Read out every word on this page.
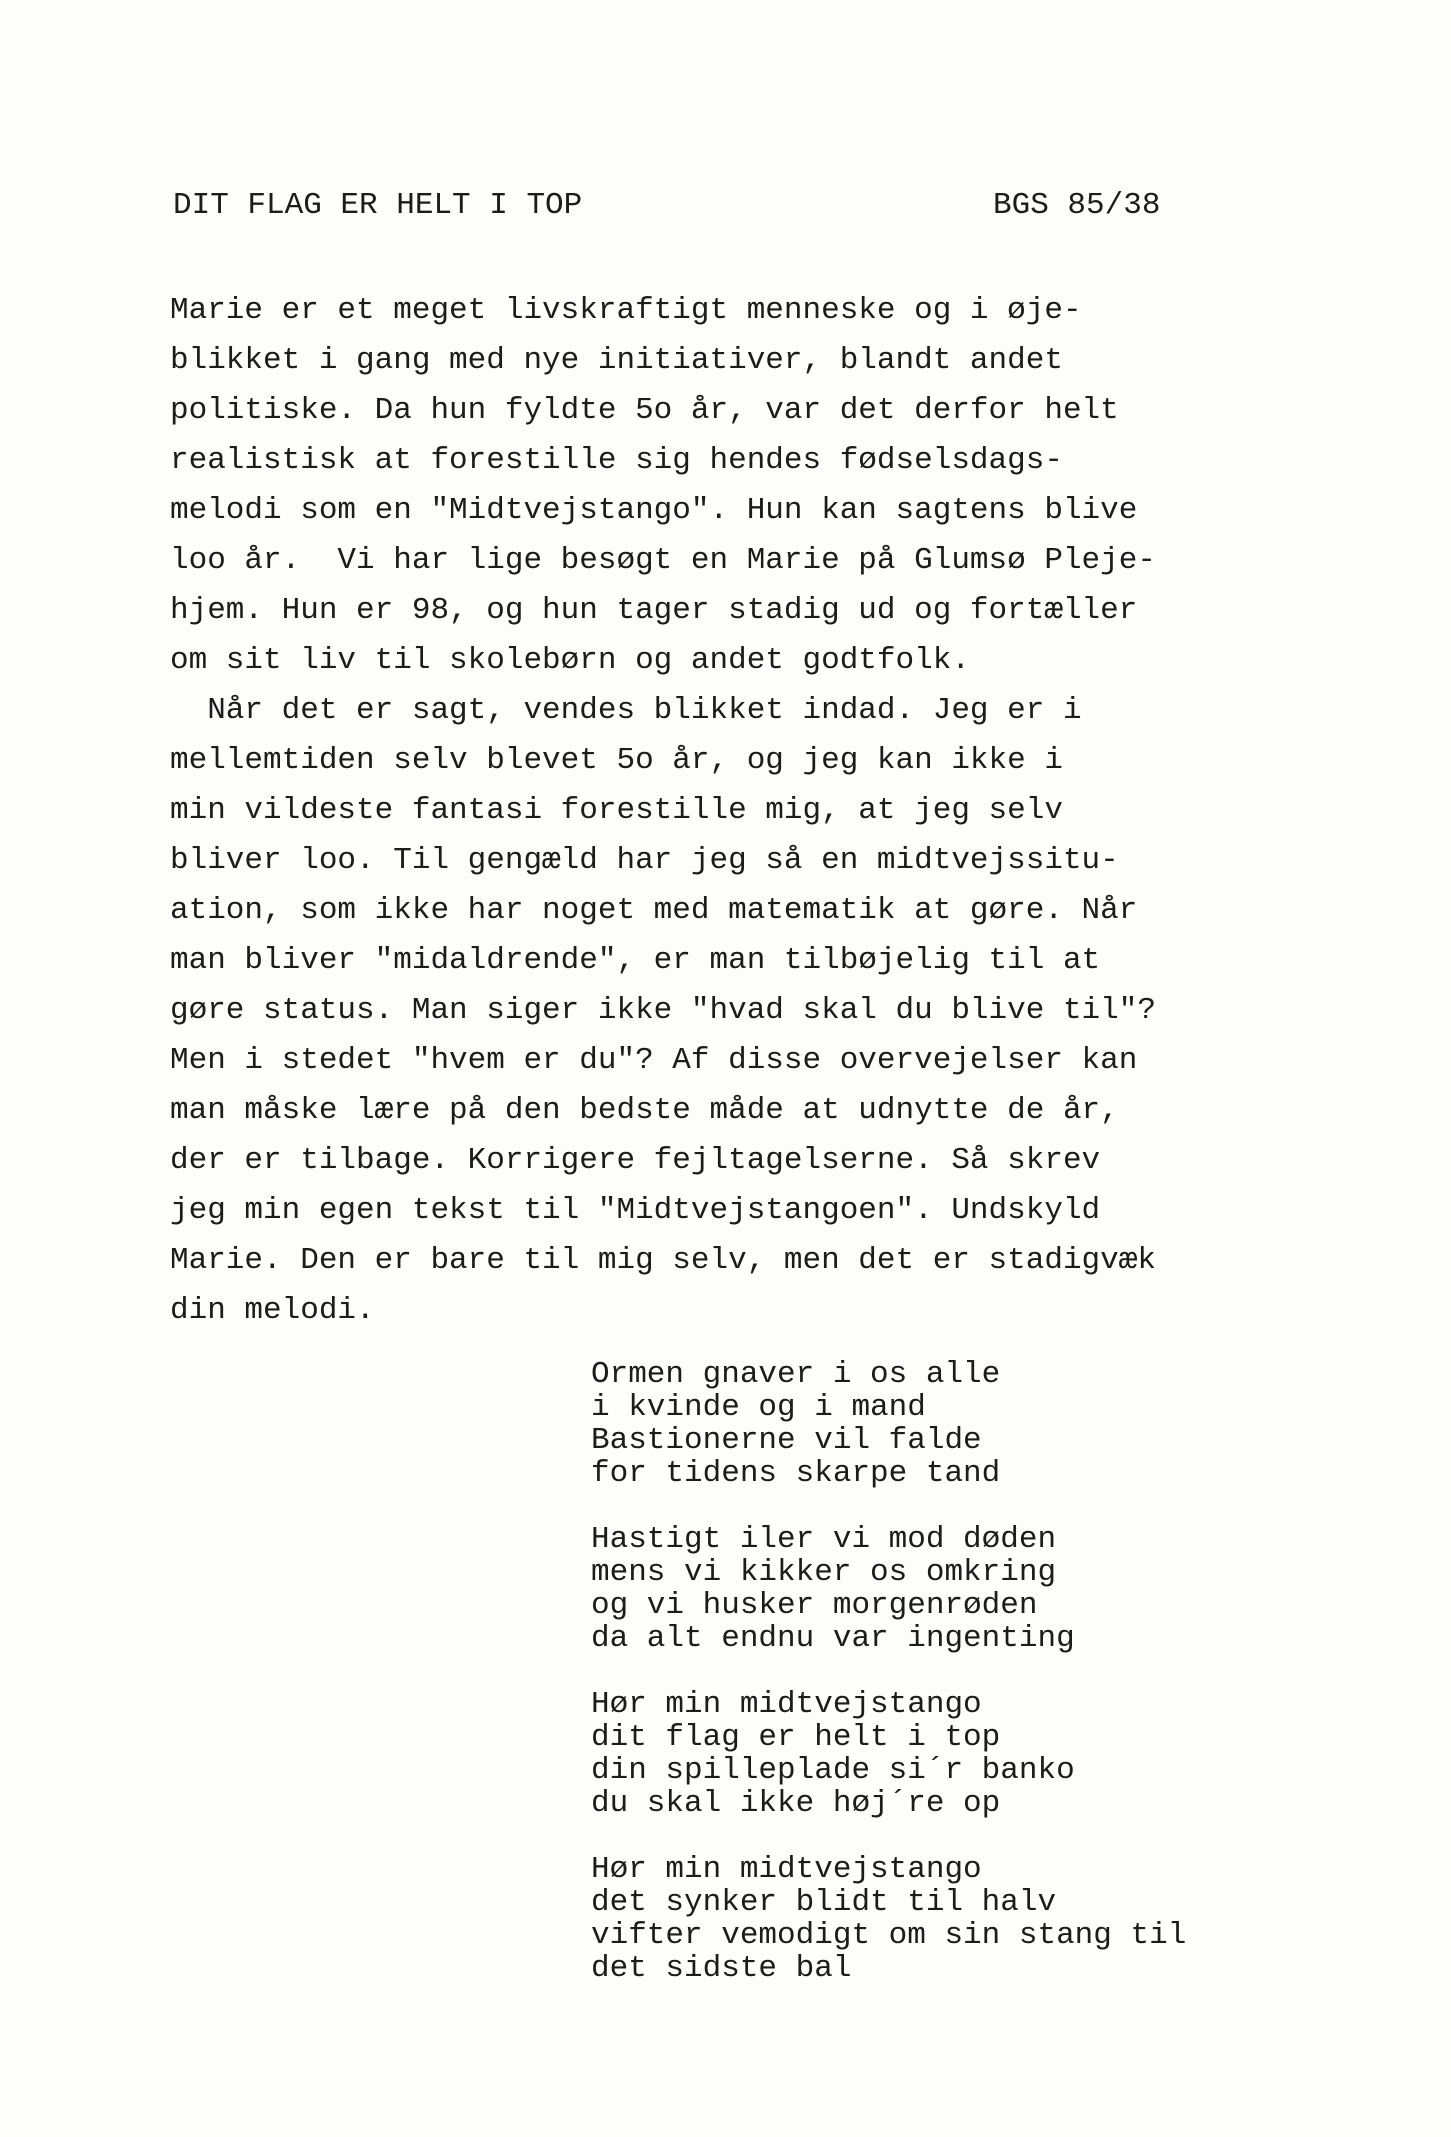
DIT FLAG ER HELT I TOP

	BGS 85/38

Marie er et meget livskraftigt menneske og i øje-
blikket i gang med nye initiativer, blandt andet
politiske. Da hun fyldte 5o år, var det derfor helt
realistisk at forestille sig hendes fødselsdags-
melodi som en "Midtvejstango". Hun kan sagtens blive
loo år.  Vi har lige besøgt en Marie på Glumsø Pleje-
hjem. Hun er 98, og hun tager stadig ud og fortæller
om sit liv til skolebørn og andet godtfolk.
Når det er sagt, vendes blikket indad. Jeg er i
mellemtiden selv blevet 5o år, og jeg kan ikke i
min vildeste fantasi forestille mig, at jeg selv
bliver loo. Til gengæld har jeg så en midtvejssitu-
ation, som ikke har noget med matematik at gøre. Når
man bliver "midaldrende", er man tilbøjelig til at
gøre status. Man siger ikke "hvad skal du blive til"?
Men i stedet "hvem er du"? Af disse overvejelser kan
man måske lære på den bedste måde at udnytte de år,
der er tilbage. Korrigere fejltagelserne. Så skrev
jeg min egen tekst til "Midtvejstangoen". Undskyld
Marie. Den er bare til mig selv, men det er stadigvæk
din melodi.
Ormen gnaver i os alle
i kvinde og i mand
Bastionerne vil falde
for tidens skarpe tand
Hastigt iler vi mod døden
mens vi kikker os omkring
og vi husker morgenrøden
da alt endnu var ingenting
Hør min midtvejstango
dit flag er helt i top
din spilleplade si´r banko
du skal ikke høj´re op
Hør min midtvejstango
det synker blidt til halv
vifter vemodigt om sin stang til
det sidste bal
